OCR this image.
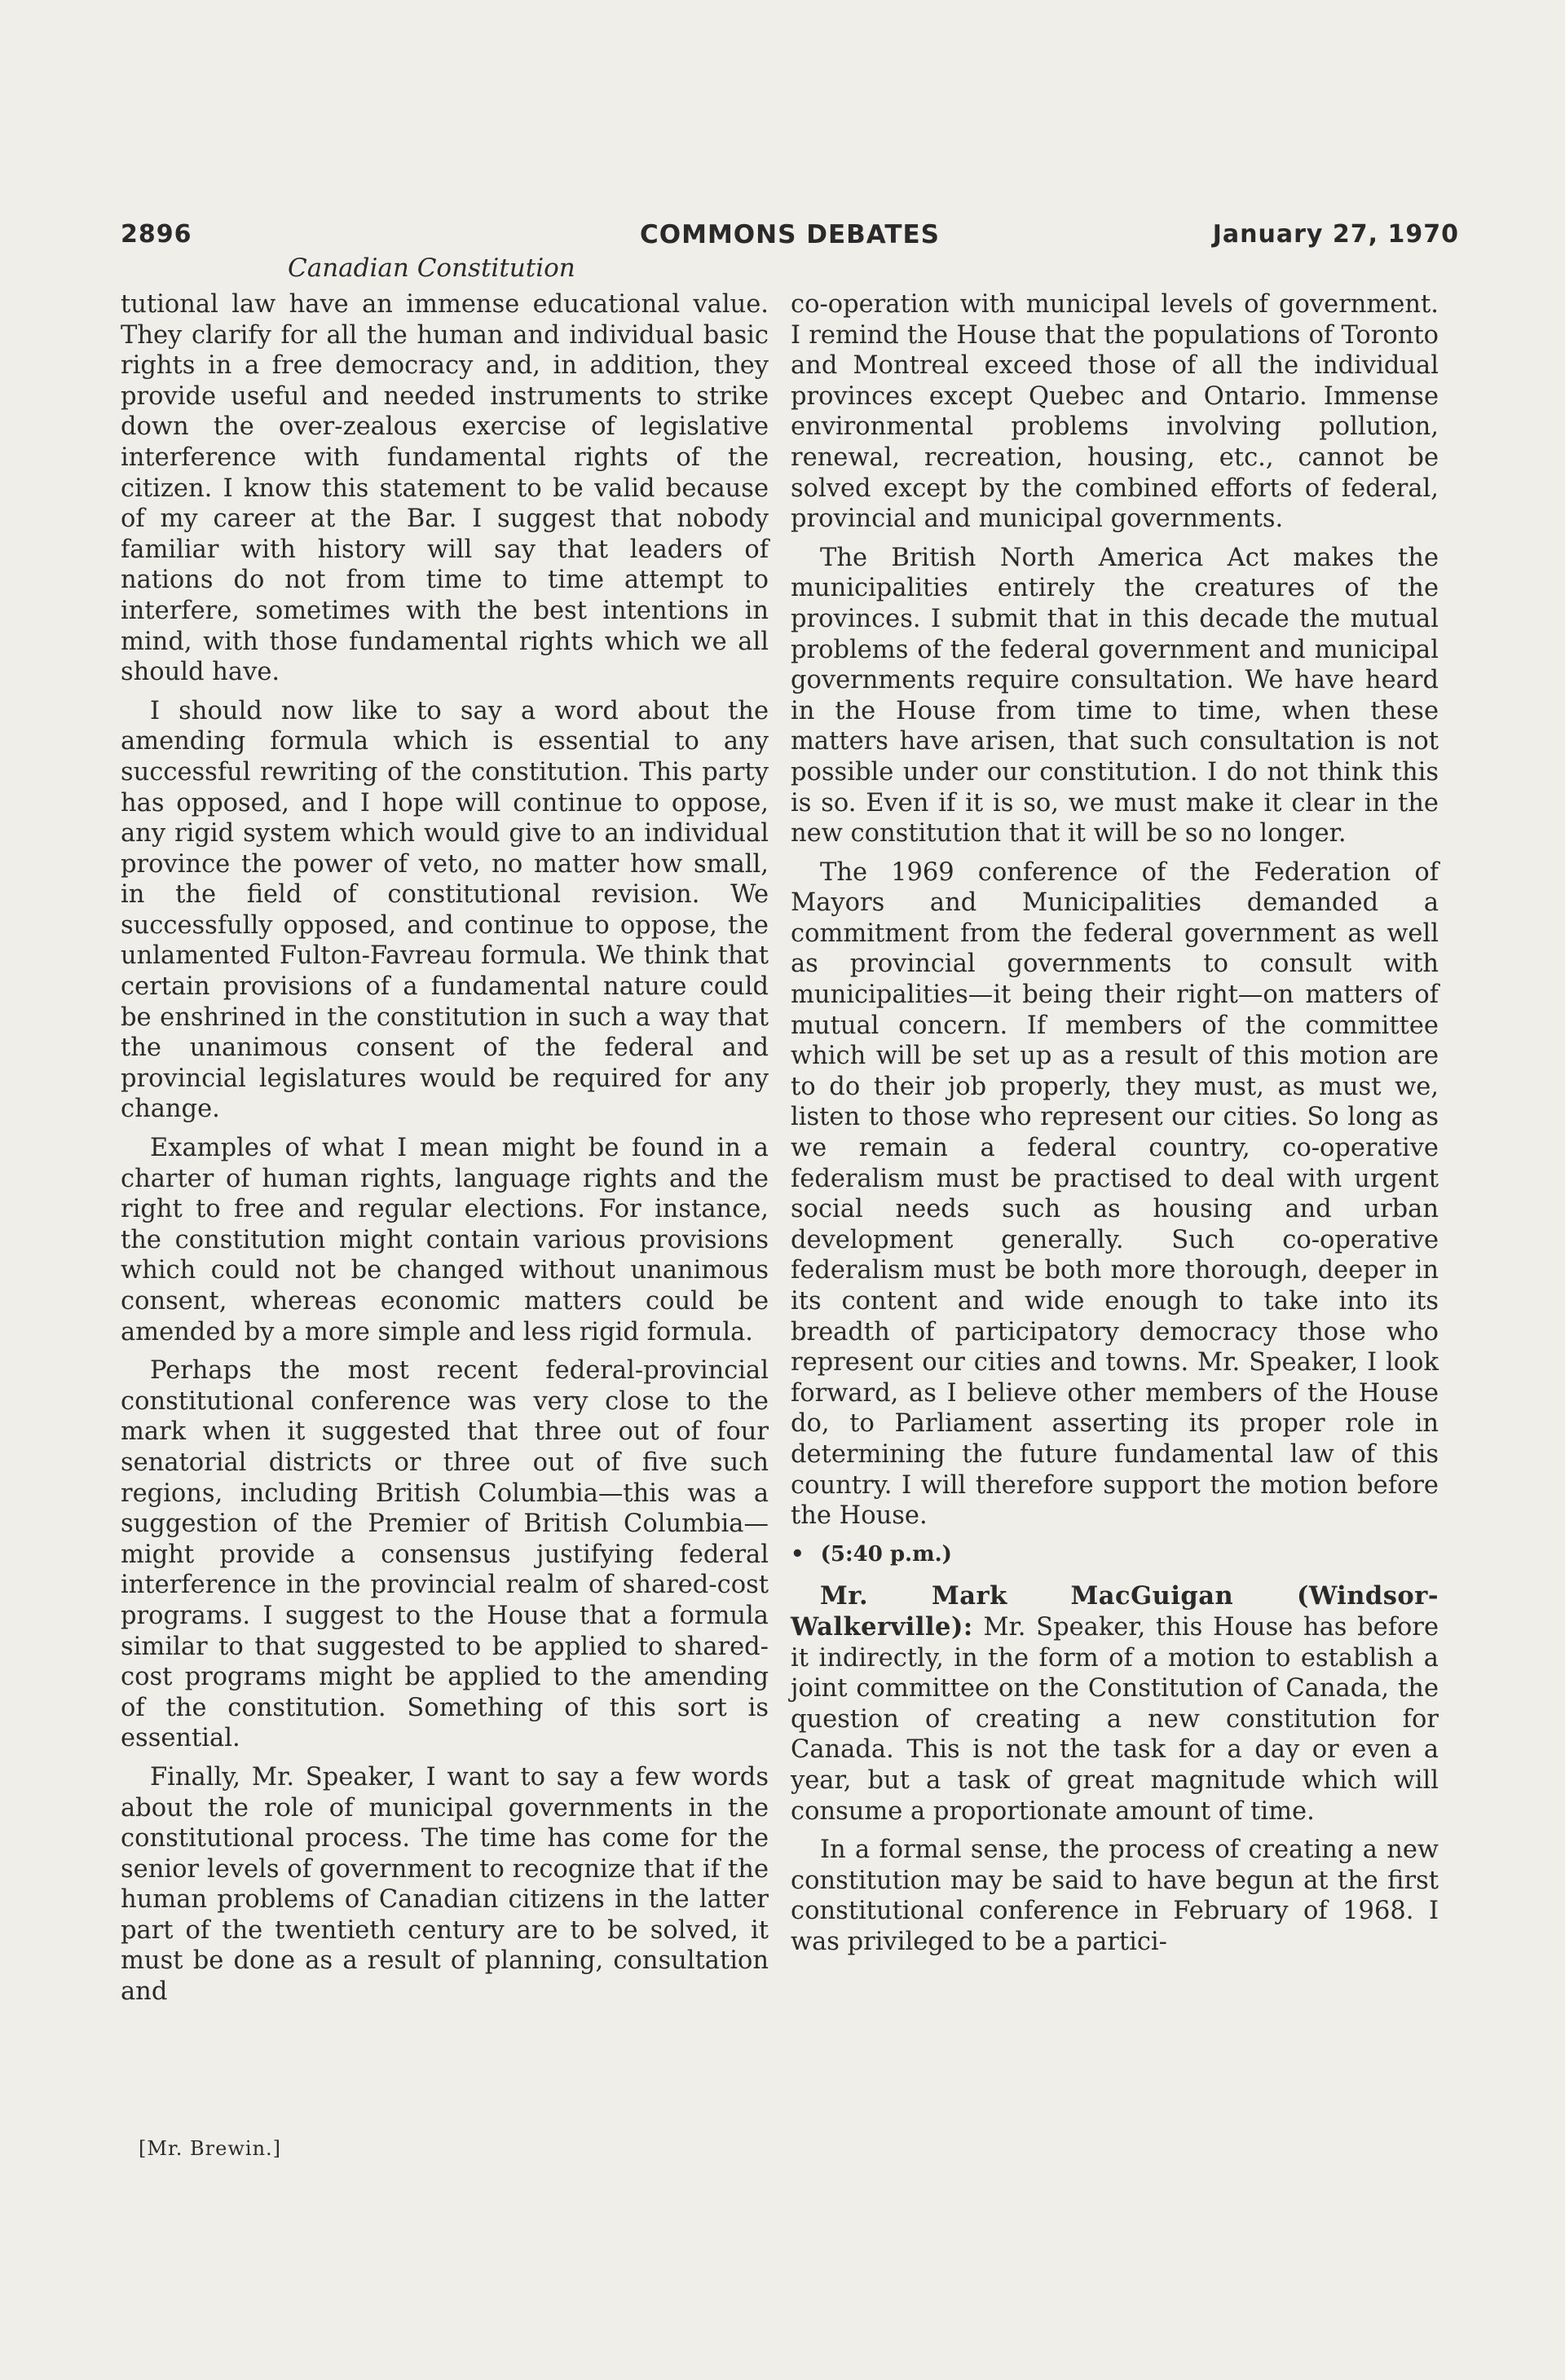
2896	COMMONS DEBATES	January 27, 1970
Canadian Constitution

tutional law have an immense educational value. They clarify for all the human and individual basic rights in a free democracy and, in addition, they provide useful and needed instruments to strike down the over-zealous exercise of legislative interference with fundamental rights of the citizen. I know this statement to be valid because of my career at the Bar. I suggest that nobody familiar with history will say that leaders of nations do not from time to time attempt to interfere, sometimes with the best intentions in mind, with those fundamental rights which we all should have.

I should now like to say a word about the amending formula which is essential to any successful rewriting of the constitution. This party has opposed, and I hope will continue to oppose, any rigid system which would give to an individual province the power of veto, no matter how small, in the field of constitutional revision. We successfully opposed, and continue to oppose, the unlamented Fulton-Favreau formula. We think that certain provisions of a fundamental nature could be enshrined in the constitution in such a way that the unanimous consent of the federal and provincial legislatures would be required for any change.

Examples of what I mean might be found in a charter of human rights, language rights and the right to free and regular elections. For instance, the constitution might contain various provisions which could not be changed without unanimous consent, whereas economic matters could be amended by a more simple and less rigid formula.

Perhaps the most recent federal-provincial constitutional conference was very close to the mark when it suggested that three out of four senatorial districts or three out of five such regions, including British Columbia—this was a suggestion of the Premier of British Columbia—might provide a consensus justifying federal interference in the provincial realm of shared-cost programs. I suggest to the House that a formula similar to that suggested to be applied to shared-cost programs might be applied to the amending of the constitution. Something of this sort is essential.

Finally, Mr. Speaker, I want to say a few words about the role of municipal governments in the constitutional process. The time has come for the senior levels of government to recognize that if the human problems of Canadian citizens in the latter part of the twentieth century are to be solved, it must be done as a result of planning, consultation and

[Mr. Brewin.]

co-operation with municipal levels of government. I remind the House that the populations of Toronto and Montreal exceed those of all the individual provinces except Quebec and Ontario. Immense environmental problems involving pollution, renewal, recreation, housing, etc., cannot be solved except by the combined efforts of federal, provincial and municipal governments.

The British North America Act makes the municipalities entirely the creatures of the provinces. I submit that in this decade the mutual problems of the federal government and municipal governments require consultation. We have heard in the House from time to time, when these matters have arisen, that such consultation is not possible under our constitution. I do not think this is so. Even if it is so, we must make it clear in the new constitution that it will be so no longer.

The 1969 conference of the Federation of Mayors and Municipalities demanded a commitment from the federal government as well as provincial governments to consult with municipalities—it being their right—on matters of mutual concern. If members of the committee which will be set up as a result of this motion are to do their job properly, they must, as must we, listen to those who represent our cities. So long as we remain a federal country, co-operative federalism must be practised to deal with urgent social needs such as housing and urban development generally. Such co-operative federalism must be both more thorough, deeper in its content and wide enough to take into its breadth of participatory democracy those who represent our cities and towns. Mr. Speaker, I look forward, as I believe other members of the House do, to Parliament asserting its proper role in determining the future fundamental law of this country. I will therefore support the motion before the House.

• (5:40 p.m.)

Mr. Mark MacGuigan (Windsor-Walkerville): Mr. Speaker, this House has before it indirectly, in the form of a motion to establish a joint committee on the Constitution of Canada, the question of creating a new constitution for Canada. This is not the task for a day or even a year, but a task of great magnitude which will consume a proportionate amount of time.

In a formal sense, the process of creating a new constitution may be said to have begun at the first constitutional conference in February of 1968. I was privileged to be a partici-
